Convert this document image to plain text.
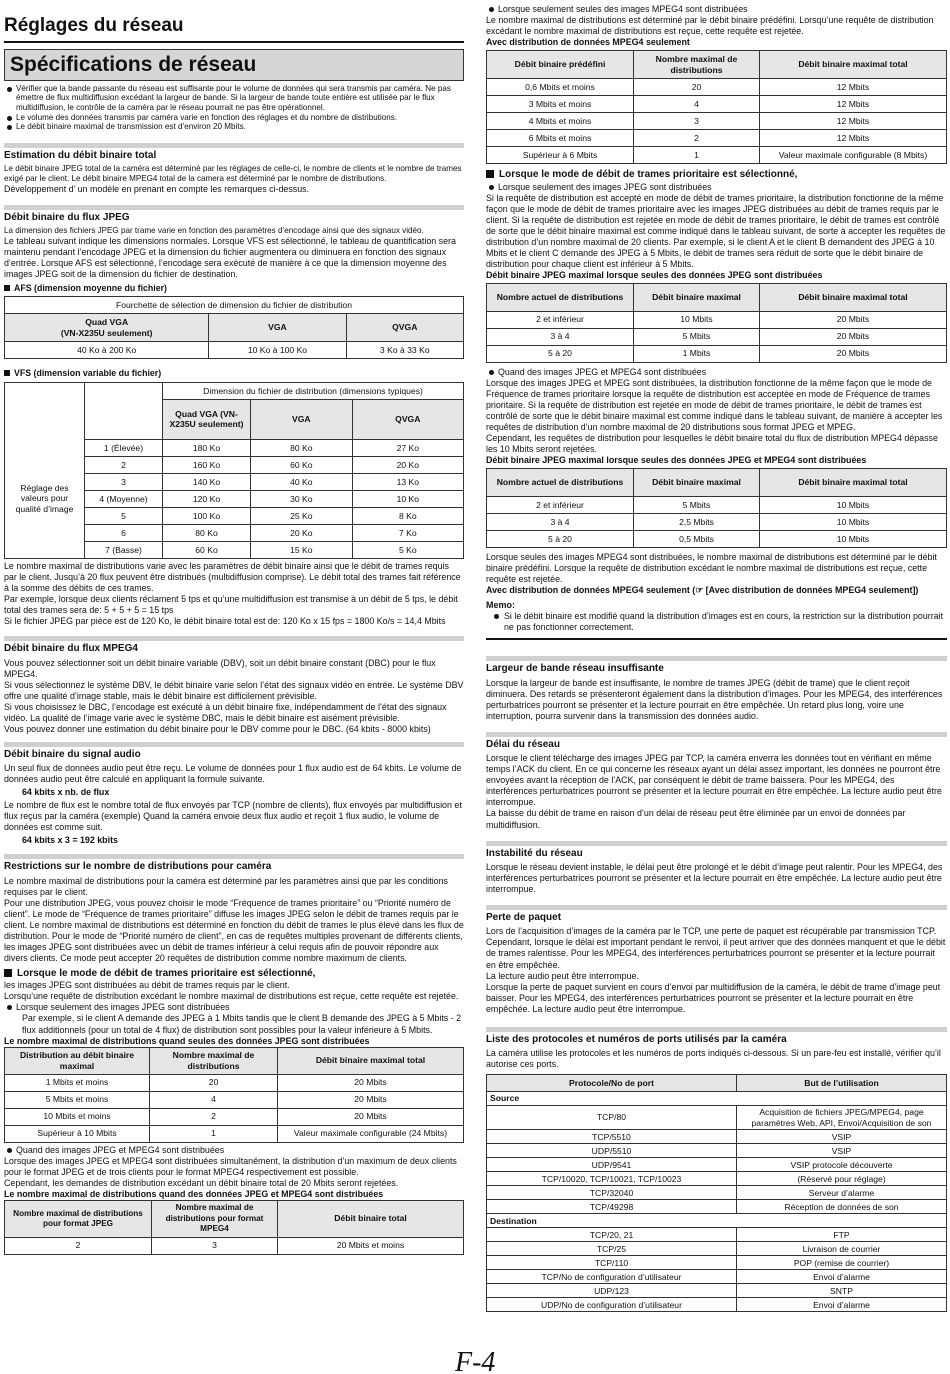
Réglages du réseau
Spécifications de réseau

Vérifier que la bande passante du réseau est suffisante pour le volume de données qui sera transmis par caméra. Ne pas émettre de flux multidiffusion excédant la largeur de bande. Si la largeur de bande toute entière est utilisée par le flux multidiffusion, le contrôle de la caméra par le réseau pourrait ne pas être opérationnel.

Le volume des données transmis par caméra varie en fonction des réglages et du nombre de distributions.

Le débit binaire maximal de transmission est d’environ 20 Mbits.

Estimation du débit binaire total

Le débit binaire JPEG total de la caméra est déterminé par les réglages de celle-ci, le nombre de clients et le nombre de trames exigé par le client. Le débit binaire MPEG4 total de la camera est déterminé par le nombre de distributions.

Développement d’ un modèle en prenant en compte les remarques ci-dessus.

Débit binaire du flux JPEG

La dimension des fichiers JPEG par trame varie en fonction des paramètres d’encodage ainsi que des signaux vidéo.

Le tableau suivant indique les dimensions normales. Lorsque VFS est sélectionné, le tableau de quantification sera maintenu pendant l’encodage JPEG et la dimension du fichier augmentera ou diminuera en fonction des signaux d’entrée. Lorsque AFS est sélectionné, l’encodage sera exécuté de manière à ce que la dimension moyenne des images JPEG soit de la dimension du fichier de destination.

AFS (dimension moyenne du fichier)
Fourchette de sélection de dimension du fichier de distribution		
Quad VGA
(VN-X235U seulement)	VGA	QVGA
40 Ko à 200 Ko	10 Ko à 100 Ko	3 Ko à 33 Ko
VFS (dimension variable du fichier)
		Dimension du fichier de distribution (dimensions typiques)		
		Quad VGA (VN-X235U seulement)	VGA	QVGA
Réglage des valeurs pour qualité d’image	1 (Élevée)	180 Ko	80 Ko	27 Ko
	2	160 Ko	60 Ko	20 Ko
	3	140 Ko	40 Ko	13 Ko
	4 (Moyenne)	120 Ko	30 Ko	10 Ko
	5	100 Ko	25 Ko	8 Ko
	6	80 Ko	20 Ko	7 Ko
	7 (Basse)	60 Ko	15 Ko	5 Ko

Le nombre maximal de distributions varie avec les paramètres de débit binaire ainsi que le débit de trames requis par le client. Jusqu’à 20 flux peuvent être distribués (multidiffusion comprise). Le débit total des trames fait référence à la somme des débits de ces trames.

Par exemple, lorsque deux clients réclament 5 tps et qu’une multidiffusion est transmise à un débit de 5 tps, le débit total des trames sera de: 5 + 5 + 5 = 15 tps

Si le fichier JPEG par pièce est de 120 Ko, le débit binaire total est de: 120 Ko x 15 fps = 1800 Ko/s = 14,4 Mbits

Débit binaire du flux MPEG4

Vous pouvez sélectionner soit un débit binaire variable (DBV), soit un débit binaire constant (DBC) pour le flux MPEG4.

Si vous sélectionnez le système DBV, le débit binaire varie selon l’état des signaux vidéo en entrée. Le système DBV offre une qualité d’image stable, mais le débit binaire est difficilement prévisible.

Si vous choisissez le DBC, l’encodage est exécuté à un débit binaire fixe, indépendamment de l’état des signaux vidéo. La qualité de l’image varie avec le système DBC, mais le débit binaire est aisément prévisible.

Vous pouvez donner une estimation du débit binaire pour le DBV comme pour le DBC. (64 kbits - 8000 kbits)

Débit binaire du signal audio

Un seul flux de données audio peut être reçu. Le volume de données pour 1 flux audio est de 64 kbits. Le volume de données audio peut être calculé en appliquant la formule suivante.

64 kbits x nb. de flux

Le nombre de flux est le nombre total de flux envoyés par TCP (nombre de clients), flux envoyés par multidiffusion et flux reçus par la caméra (exemple) Quand la caméra envoie deux flux audio et reçoit 1 flux audio, le volume de données est comme suit.

64 kbits x 3 = 192 kbits

Restrictions sur le nombre de distributions pour caméra

Le nombre maximal de distributions pour la caméra est déterminé par les paramètres ainsi que par les conditions requises par le client.

Pour une distribution JPEG, vous pouvez choisir le mode “Fréquence de trames prioritaire” ou “Priorité numéro de client”. Le mode de “Fréquence de trames prioritaire” diffuse les images JPEG selon le débit de trames requis par le client. Le nombre maximal de distributions est déterminé en fonction du débit de trames le plus élevé dans les flux de distribution. Pour le mode de “Priorité numéro de client”, en cas de requêtes multiples provenant de différents clients, les images JPEG sont distribuées avec un débit de trames inférieur à celui requis afin de pouvoir répondre aux divers clients. Ce mode peut accepter 20 requêtes de distribution comme nombre maximum de clients.

Lorsque le mode de débit de trames prioritaire est sélectionné,

les images JPEG sont distribuées au débit de trames requis par le client.

Lorsqu’une requête de distribution excédant le nombre maximal de distributions est reçue, cette requête est rejetée.

Lorsque seulement des images JPEG sont distribuées

Par exemple, si le client A demande des JPEG à 1 Mbits tandis que le client B demande des JPEG à 5 Mbits - 2 flux additionnels (pour un total de 4 flux) de distribution sont possibles pour la valeur inférieure à 5 Mbits.

Le nombre maximal de distributions quand seules des données JPEG sont distribuées

Distribution au débit binaire maximal	Nombre maximal de distributions	Débit binaire maximal total
1 Mbits et moins	20	20 Mbits
5 Mbits et moins	4	20 Mbits
10 Mbits et moins	2	20 Mbits
Supérieur à 10 Mbits	1	Valeur maximale configurable (24 Mbits)

Quand des images JPEG et MPEG4 sont distribuées

Lorsque des images JPEG et MPEG4 sont distribuées simultanément, la distribution d’un maximum de deux clients pour le format JPEG et de trois clients pour le format MPEG4 respectivement est possible.

Cependant, les demandes de distribution excédant un débit binaire total de 20 Mbits seront rejetées.

Le nombre maximal de distributions quand des données JPEG et MPEG4 sont distribuées

Nombre maximal de distributions pour format JPEG	Nombre maximal de distributions pour format MPEG4	Débit binaire total
2	3	20 Mbits et moins

Lorsque seulement seules des images MPEG4 sont distribuées

Le nombre maximal de distributions est déterminé par le débit binaire prédéfini. Lorsqu’une requête de distribution excédant le nombre maximal de distributions est reçue, cette requête est rejetée.

Avec distribution de données MPEG4 seulement

Débit binaire prédéfini	Nombre maximal de distributions	Débit binaire maximal total
0,6 Mbits et moins	20	12 Mbits
3 Mbits et moins	4	12 Mbits
4 Mbits et moins	3	12 Mbits
6 Mbits et moins	2	12 Mbits
Supérieur à 6 Mbits	1	Valeur maximale configurable (8 Mbits)
Lorsque le mode de débit de trames prioritaire est sélectionné,

Lorsque seulement des images JPEG sont distribuées

Si la requête de distribution est accepté en mode de débit de trames prioritaire, la distribution fonctionne de la même façon que le mode de débit de trames prioritaire avec les images JPEG distribuées au débit de trames requis par le client. Si la requête de distribution est rejetée en mode de débit de trames prioritaire, le débit de trames est contrôlé de sorte que le débit binaire maximal est comme indiqué dans le tableau suivant, de sorte à accepter les requêtes de distribution d’un nombre maximal de 20 clients. Par exemple, si le client A et le client B demandent des JPEG à 10 Mbits et le client C demande des JPEG à 5 Mbits, le débit de trames sera réduit de sorte que le débit binaire de distribution pour chaque client est inférieur à 5 Mbits.

Débit binaire JPEG maximal lorsque seules des données JPEG sont distribuées

Nombre actuel de distributions	Débit binaire maximal	Débit binaire maximal total
2 et inférieur	10 Mbits	20 Mbits
3 à 4	5 Mbits	20 Mbits
5 à 20	1 Mbits	20 Mbits

Quand des images JPEG et MPEG4 sont distribuées

Lorsque des images JPEG et MPEG sont distribuées, la distribution fonctionne de la même façon que le mode de Fréquence de trames prioritaire lorsque la requête de distribution est acceptée en mode de Fréquence de trames prioritaire. Si la requête de distribution est rejetée en mode de débit de trames prioritaire, le débit de trames est contrôlé de sorte que le débit binaire maximal est comme indiqué dans le tableau suivant, de manière à accepter les requêtes de distribution d’un nombre maximal de 20 distributions sous format JPEG et MPEG.

Cependant, les requêtes de distribution pour lesquelles le débit binaire total du flux de distribution MPEG4 dépasse les 10 Mbits seront rejetées.

Débit binaire JPEG maximal lorsque seules des données JPEG et MPEG4 sont distribuées

Nombre actuel de distributions	Débit binaire maximal	Débit binaire maximal total
2 et inférieur	5 Mbits	10 Mbits
3 à 4	2,5 Mbits	10 Mbits
5 à 20	0,5 Mbits	10 Mbits

Lorsque seules des images MPEG4 sont distribuées, le nombre maximal de distributions est déterminé par le débit binaire prédéfini. Lorsque la requête de distribution excédant le nombre maximal de distributions est reçue, cette requête est rejetée.

Avec distribution de données MPEG4 seulement (☞ [Avec distribution de données MPEG4 seulement])

Memo:

Si le débit binaire est modifié quand la distribution d’images est en cours, la restriction sur la distribution pourrait ne pas fonctionner correctement.

Largeur de bande réseau insuffisante

Lorsque la largeur de bande est insuffisante, le nombre de trames JPEG (débit de trame) que le client reçoit diminuera. Des retards se présenteront également dans la distribution d’images. Pour les MPEG4, des interférences perturbatrices pourront se présenter et la lecture pourrait en être empêchée. Un retard plus long, voire une interruption, pourra survenir dans la transmission des données audio.

Délai du réseau

Lorsque le client télécharge des images JPEG par TCP, la caméra enverra les données tout en vérifiant en même temps l’ACK du client. En ce qui concerne les réseaux ayant un délai assez important, les données ne pourront être envoyées avant la réception de l’ACK, par conséquent le débit de trame baissera. Pour les MPEG4, des interférences perturbatrices pourront se présenter et la lecture pourrait en être empêchée. La lecture audio peut être interrompue.

La baisse du débit de trame en raison d’un délai de réseau peut être éliminée par un envoi de données par multidiffusion.

Instabilité du réseau

Lorsque le réseau devient instable, le délai peut être prolongé et le débit d’image peut ralentir. Pour les MPEG4, des interférences perturbatrices pourront se présenter et la lecture pourrait en être empêchée. La lecture audio peut être interrompue.

Perte de paquet

Lors de l’acquisition d’images de la caméra par le TCP, une perte de paquet est récupérable par transmission TCP. Cependant, lorsque le délai est important pendant le renvoi, il peut arriver que des données manquent et que le débit de trames ralentisse. Pour les MPEG4, des interférences perturbatrices pourront se présenter et la lecture pourrait en être empêchée.

La lecture audio peut être interrompue.

Lorsque la perte de paquet survient en cours d’envoi par multidiffusion de la caméra, le débit de trame d’image peut baisser. Pour les MPEG4, des interférences perturbatrices pourront se présenter et la lecture pourrait en être empêchée. La lecture audio peut être interrompue.

Liste des protocoles et numéros de ports utilisés par la caméra

La caméra utilise les protocoles et les numéros de ports indiqués ci-dessous. Si un pare-feu est installé, vérifier qu’il autorise ces ports.

Protocole/No de port	But de l’utilisation
Source	
TCP/80	Acquisition de fichiers JPEG/MPEG4, page paramètres Web, API, Envoi/Acquisition de son
TCP/5510	VSIP
UDP/5510	VSIP
UDP/9541	VSIP protocole découverte
TCP/10020, TCP/10021, TCP/10023	(Réservé pour réglage)
TCP/32040	Serveur d’alarme
TCP/49298	Réception de données de son
Destination	
TCP/20, 21	FTP
TCP/25	Livraison de courrier
TCP/110	POP (remise de courrier)
TCP/No de configuration d’utilisateur	Envoi d’alarme
UDP/123	SNTP
UDP/No de configuration d’utilisateur	Envoi d’alarme
F-4
